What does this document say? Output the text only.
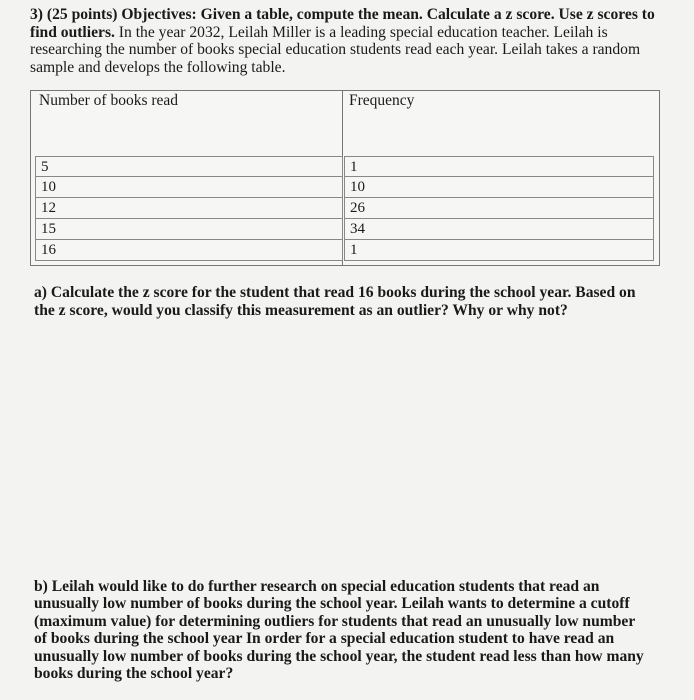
3) (25 points) Objectives: Given a table, compute the mean. Calculate a z score. Use z scores to find outliers. In the year 2032, Leilah Miller is a leading special education teacher. Leilah is researching the number of books special education students read each year. Leilah takes a random sample and develops the following table.
Number of books read	Frequency
5	1
10	10
12	26
15	34
16	1
a) Calculate the z score for the student that read 16 books during the school year. Based on the z score, would you classify this measurement as an outlier? Why or why not?
b) Leilah would like to do further research on special education students that read an unusually low number of books during the school year. Leilah wants to determine a cutoff (maximum value) for determining outliers for students that read an unusually low number of books during the school year In order for a special education student to have read an unusually low number of books during the school year, the student read less than how many books during the school year?
